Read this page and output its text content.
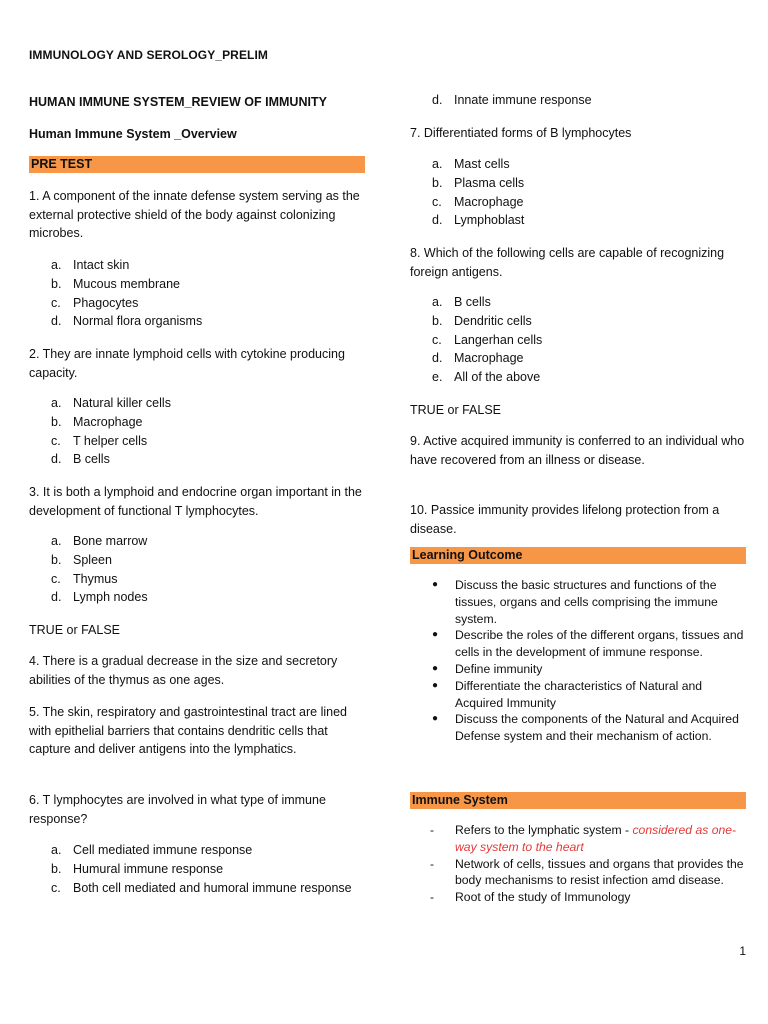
IMMUNOLOGY AND SEROLOGY_PRELIM
HUMAN IMMUNE SYSTEM_REVIEW OF IMMUNITY
Human Immune System _Overview
PRE TEST
1. A component of the innate defense system serving as the external protective shield of the body against colonizing microbes.
a. Intact skin
b. Mucous membrane
c. Phagocytes
d. Normal flora organisms
2. They are innate lymphoid cells with cytokine producing capacity.
a. Natural killer cells
b. Macrophage
c. T helper cells
d. B cells
3. It is both a lymphoid and endocrine organ important in the development of functional T lymphocytes.
a. Bone marrow
b. Spleen
c. Thymus
d. Lymph nodes
TRUE or FALSE
4. There is a gradual decrease in the size and secretory abilities of the thymus as one ages.
5. The skin, respiratory and gastrointestinal tract are lined with epithelial barriers that contains dendritic cells that capture and deliver antigens into the lymphatics.
6. T lymphocytes are involved in what type of immune response?
a. Cell mediated immune response
b. Humural immune response
c. Both cell mediated and humoral immune response
d. Innate immune response
7. Differentiated forms of B lymphocytes
a. Mast cells
b. Plasma cells
c. Macrophage
d. Lymphoblast
8. Which of the following cells are capable of recognizing foreign antigens.
a. B cells
b. Dendritic cells
c. Langerhan cells
d. Macrophage
e. All of the above
TRUE or FALSE
9. Active acquired immunity is conferred to an individual who have recovered from an illness or disease.
10. Passice immunity provides lifelong protection from a disease.
Learning Outcome
● Discuss the basic structures and functions of the tissues, organs and cells comprising the immune system.
● Describe the roles of the different organs, tissues and cells in the development of immune response.
● Define immunity
● Differentiate the characteristics of Natural and Acquired Immunity
● Discuss the components of the Natural and Acquired Defense system and their mechanism of action.
Immune System
- Refers to the lymphatic system - considered as one-way system to the heart
- Network of cells, tissues and organs that provides the body mechanisms to resist infection amd disease.
- Root of the study of Immunology
1
